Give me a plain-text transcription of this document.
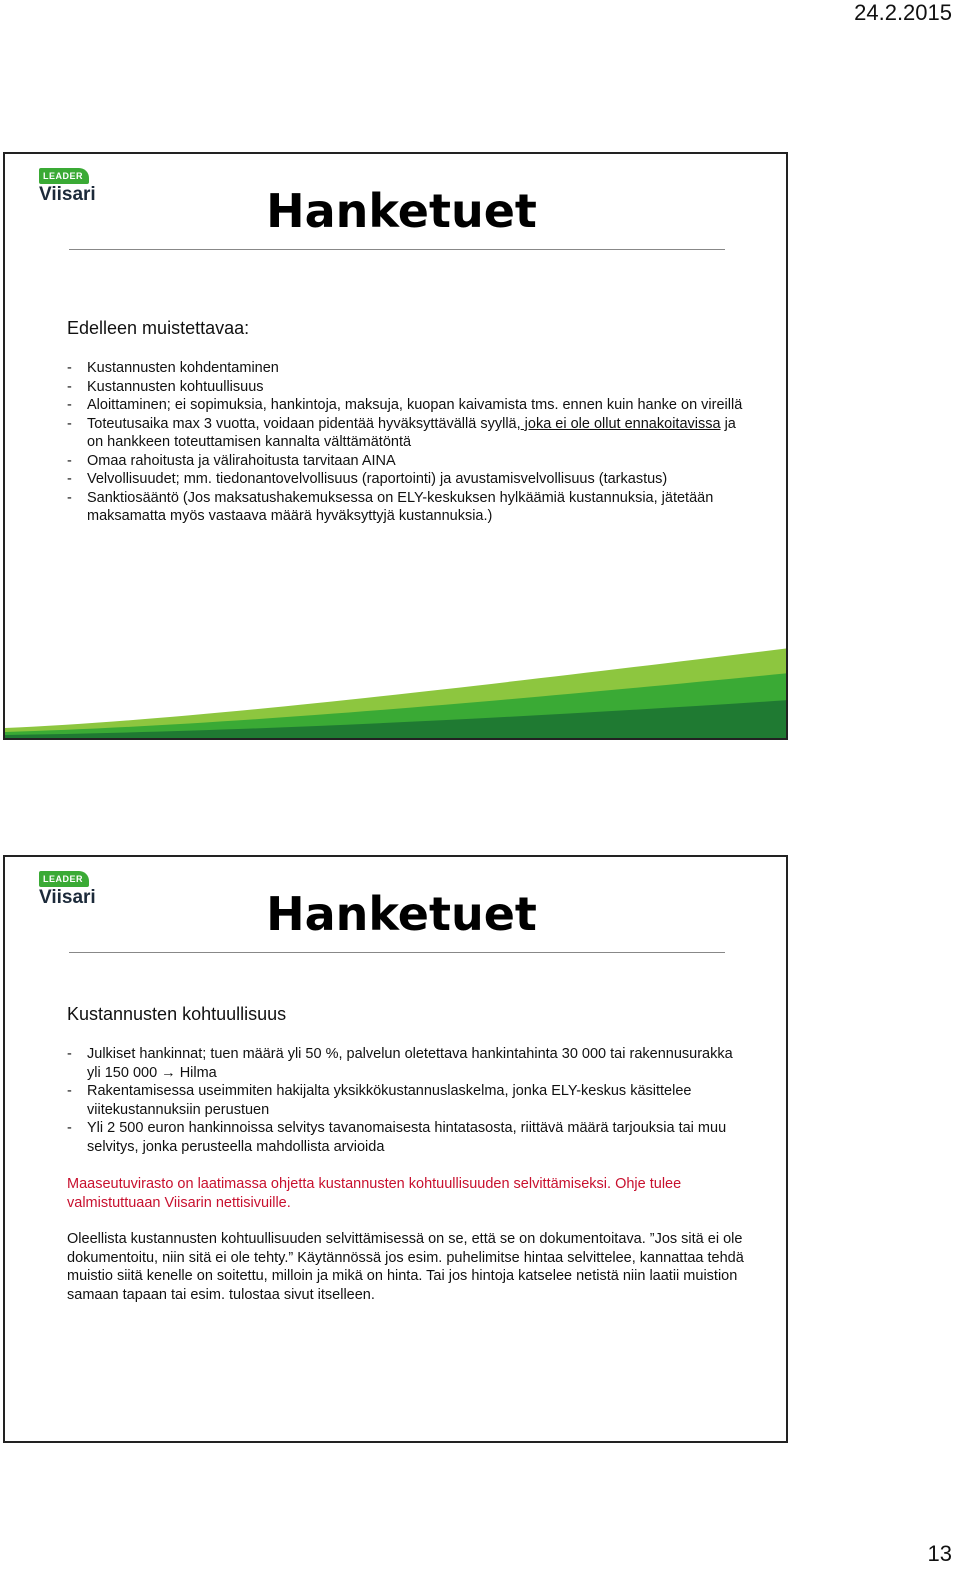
24.2.2015
LEADER
Viisari	Hanketuet
Edelleen muistettavaa:
- Kustannusten kohdentaminen
- Kustannusten kohtuullisuus
- Aloittaminen; ei sopimuksia, hankintoja, maksuja, kuopan kaivamista tms. ennen kuin hanke on vireillä
- Toteutusaika max 3 vuotta, voidaan pidentää hyväksyttävällä syyllä, joka ei ole ollut ennakoitavissa ja on hankkeen toteuttamisen kannalta välttämätöntä
- Omaa rahoitusta ja välirahoitusta tarvitaan AINA
- Velvollisuudet; mm. tiedonantovelvollisuus (raportointi) ja avustamisvelvollisuus (tarkastus)
- Sanktiosääntö (Jos maksatushakemuksessa on ELY-keskuksen hylkäämiä kustannuksia, jätetään maksamatta myös vastaava määrä hyväksyttyjä kustannuksia.)
LEADER
Viisari	Hanketuet
Kustannusten kohtuullisuus
- Julkiset hankinnat; tuen määrä yli 50 %, palvelun oletettava hankintahinta 30 000 tai rakennusurakka yli 150 000 → Hilma
- Rakentamisessa useimmiten hakijalta yksikkökustannuslaskelma, jonka ELY-keskus käsittelee viitekustannuksiin perustuen
- Yli 2 500 euron hankinnoissa selvitys tavanomaisesta hintatasosta, riittävä määrä tarjouksia tai muu selvitys, jonka perusteella mahdollista arvioida

Maaseutuvirasto on laatimassa ohjetta kustannusten kohtuullisuuden selvittämiseksi. Ohje tulee valmistuttuaan Viisarin nettisivuille.

Oleellista kustannusten kohtuullisuuden selvittämisessä on se, että se on dokumentoitava. ”Jos sitä ei ole dokumentoitu, niin sitä ei ole tehty.” Käytännössä jos esim. puhelimitse hintaa selvittelee, kannattaa tehdä muistio siitä kenelle on soitettu, milloin ja mikä on hinta. Tai jos hintoja katselee netistä niin laatii muistion samaan tapaan tai esim. tulostaa sivut itselleen.

13
